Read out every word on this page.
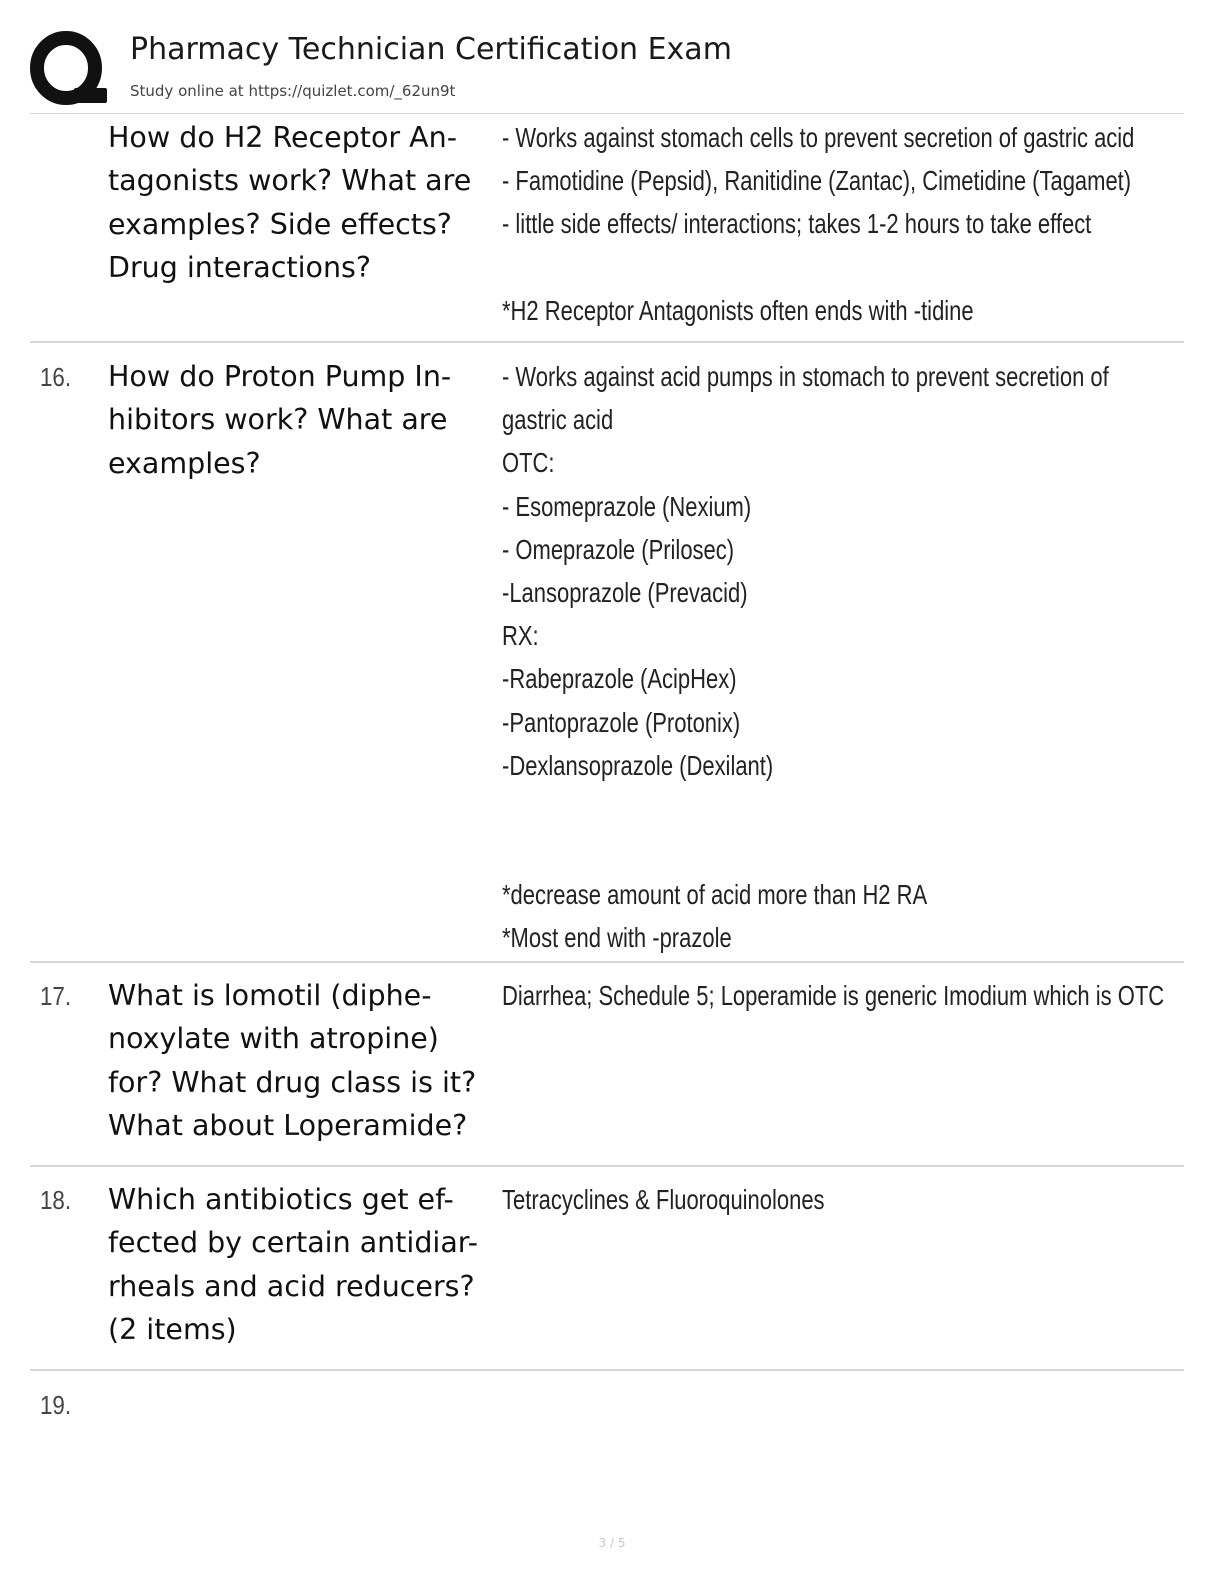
Pharmacy Technician Certification Exam
Study online at https://quizlet.com/_62un9t
How do H2 Receptor An-
tagonists work? What are
examples? Side effects?
Drug interactions?
- Works against stomach cells to prevent secretion of gastric acid
- Famotidine (Pepsid), Ranitidine (Zantac), Cimetidine (Tagamet)
- little side effects/ interactions; takes 1-2 hours to take effect
*H2 Receptor Antagonists often ends with -tidine
16. How do Proton Pump In-
hibitors work? What are
examples?
- Works against acid pumps in stomach to prevent secretion of
gastric acid
OTC:
- Esomeprazole (Nexium)
- Omeprazole (Prilosec)
-Lansoprazole (Prevacid)
RX:
-Rabeprazole (AcipHex)
-Pantoprazole (Protonix)
-Dexlansoprazole (Dexilant)
*decrease amount of acid more than H2 RA
*Most end with -prazole
17. What is lomotil (diphe-
noxylate with atropine)
for? What drug class is it?
What about Loperamide?
Diarrhea; Schedule 5; Loperamide is generic Imodium which is OTC
18. Which antibiotics get ef-
fected by certain antidiar-
rheals and acid reducers?
(2 items)
Tetracyclines & Fluoroquinolones
19.
3 / 5
